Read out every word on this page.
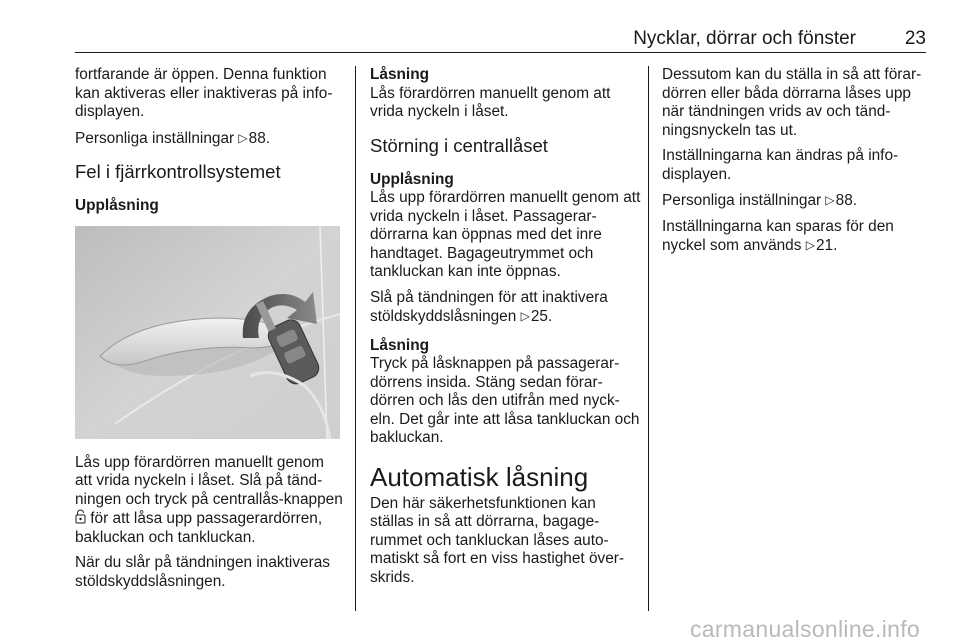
Nycklar, dörrar och fönster	23

fortfarande är öppen. Denna funktion kan aktiveras eller inaktiveras på info-displayen.

Personliga inställningar ▷88.

Fel i fjärrkontrollsystemet
Upplåsning

Lås upp förardörren manuellt genom att vrida nyckeln i låset. Slå på tänd-ningen och tryck på centrallås-knappen  för att låsa upp passagerardörren, bakluckan och tankluckan.

När du slår på tändningen inaktiveras stöldskyddslåsningen.

Låsning

Lås förardörren manuellt genom att vrida nyckeln i låset.

Störning i centrallåset
Upplåsning

Lås upp förardörren manuellt genom att vrida nyckeln i låset. Passagerar-dörrarna kan öppnas med det inre handtaget. Bagageutrymmet och tankluckan kan inte öppnas.

Slå på tändningen för att inaktivera stöldskyddslåsningen ▷25.

Låsning

Tryck på låsknappen på passagerar-dörrens insida. Stäng sedan förar-dörren och lås den utifrån med nyck-eln. Det går inte att låsa tankluckan och bakluckan.

Automatisk låsning

Den här säkerhetsfunktionen kan ställas in så att dörrarna, bagage-rummet och tankluckan låses auto-matiskt så fort en viss hastighet över-skrids.

Dessutom kan du ställa in så att förar-dörren eller båda dörrarna låses upp när tändningen vrids av och tänd-ningsnyckeln tas ut.

Inställningarna kan ändras på info-displayen.

Personliga inställningar ▷88.

Inställningarna kan sparas för den nyckel som används ▷21.

carmanualsonline.info
